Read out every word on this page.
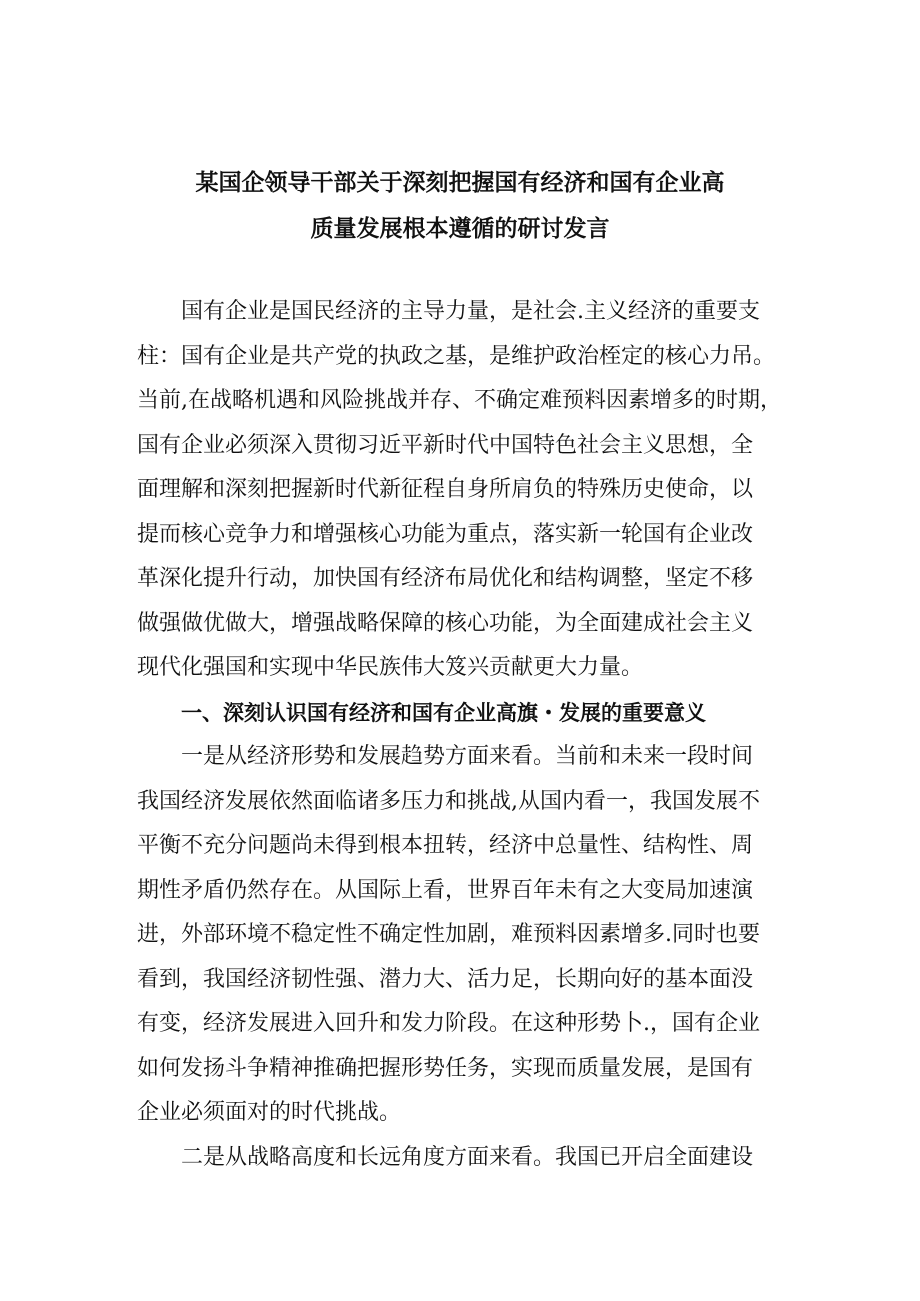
某国企领导干部关于深刻把握国有经济和国有企业高
质量发展根本遵循的研讨发言

国有企业是国民经济的主导力量，是社会.主义经济的重要支
柱：国有企业是共产党的执政之基，是维护政治桎定的核心力吊。
当前,在战略机遇和风险挑战并存、不确定难预料因素增多的时期，
国有企业必须深入贯彻习近平新时代中国特色社会主义思想，全
面理解和深刻把握新时代新征程自身所肩负的特殊历史使命，以
提而核心竞争力和增强核心功能为重点，落实新一轮国有企业改
革深化提升行动，加快国有经济布局优化和结构调整，坚定不移
做强做优做大，增强战略保障的核心功能，为全面建成社会主义
现代化强国和实现中华民族伟大笈兴贡献更大力量。

一、深刻认识国有经济和国有企业高旗・发展的重要意义

一是从经济形势和发展趋势方面来看。当前和未来一段时间
我国经济发展依然面临诸多压力和挑战,从国内看一，我国发展不
平衡不充分问题尚未得到根本扭转，经济中总量性、结构性、周
期性矛盾仍然存在。从国际上看，世界百年未有之大变局加速演
进，外部环境不稳定性不确定性加剧，难预料因素增多.同时也要
看到，我国经济韧性强、潜力大、活力足，长期向好的基本面没
有变，经济发展进入回升和发力阶段。在这种形势卜.，国有企业
如何发扬斗争精神推确把握形势任务，实现而质量发展，是国有
企业必须面对的时代挑战。

二是从战略高度和长远角度方面来看。我国已开启全面建设
